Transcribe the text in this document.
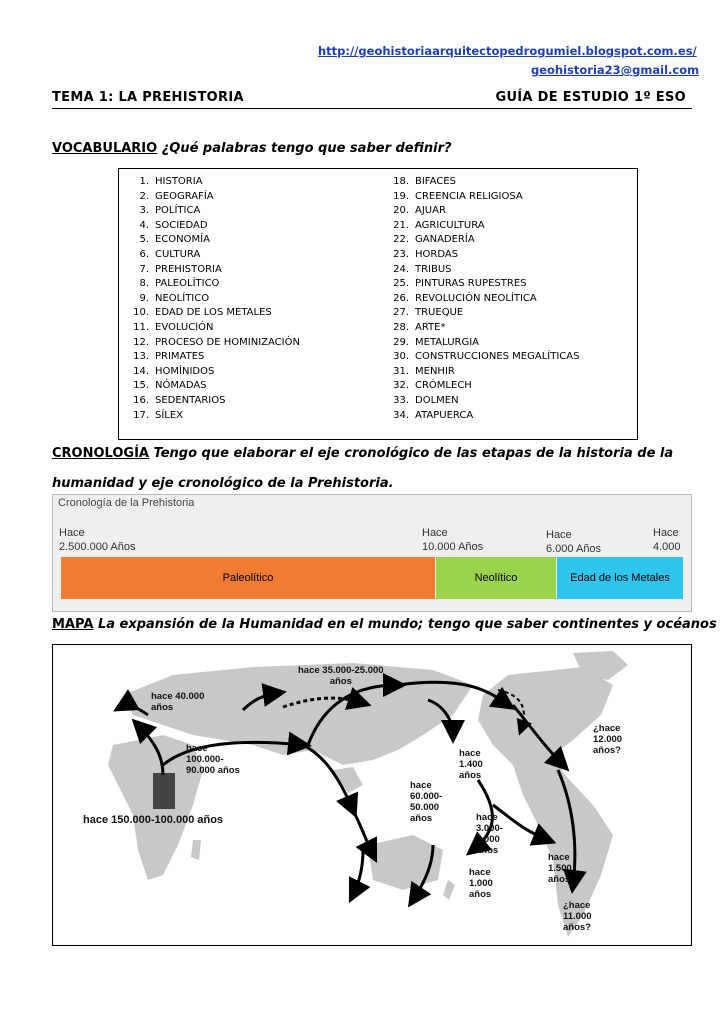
http://geohistoriaarquitectopedrogumiel.blogspot.com.es/
geohistoria23@gmail.com
TEMA 1: LA PREHISTORIA	GUÍA DE ESTUDIO 1º ESO
VOCABULARIO ¿Qué palabras tengo que saber definir?
1. HISTORIA
2. GEOGRAFÍA
3. POLÍTICA
4. SOCIEDAD
5. ECONOMÍA
6. CULTURA
7. PREHISTORIA
8. PALEOLÍTICO
9. NEOLÍTICO
10. EDAD DE LOS METALES
11. EVOLUCIÓN
12. PROCESO DE HOMINIZACIÓN
13. PRIMATES
14. HOMÍNIDOS
15. NÓMADAS
16. SEDENTARIOS
17. SÍLEX
18. BIFACES
19. CREENCIA RELIGIOSA
20. AJUAR
21. AGRICULTURA
22. GANADERÍA
23. HORDAS
24. TRIBUS
25. PINTURAS RUPESTRES
26. REVOLUCIÓN NEOLÍTICA
27. TRUEQUE
28. ARTE*
29. METALURGIA
30. CONSTRUCCIONES MEGALÍTICAS
31. MENHIR
32. CRÓMLECH
33. DOLMEN
34. ATAPUERCA
CRONOLOGÍA Tengo que elaborar el eje cronológico de las etapas de la historia de la
humanidad y eje cronológico de la Prehistoria.
Cronología de la Prehistoria
Hace
2.500.000 Años
Hace
10.000 Años
Hace
6.000 Años
Hace
4.000
Paleolítico	Neolítico	Edad de los Metales
MAPA La expansión de la Humanidad en el mundo; tengo que saber continentes y océanos
hace 35.000-25.000
años
hace 40.000
años
hace
100.000-
90.000 años
hace 150.000-100.000 años
hace
1.400
años
hace
60.000-
50.000
años	hace
3.000-
2.000
años
hace
1.000
años
¿hace
12.000
años?
hace
1.500
años
¿hace
11.000
años?
